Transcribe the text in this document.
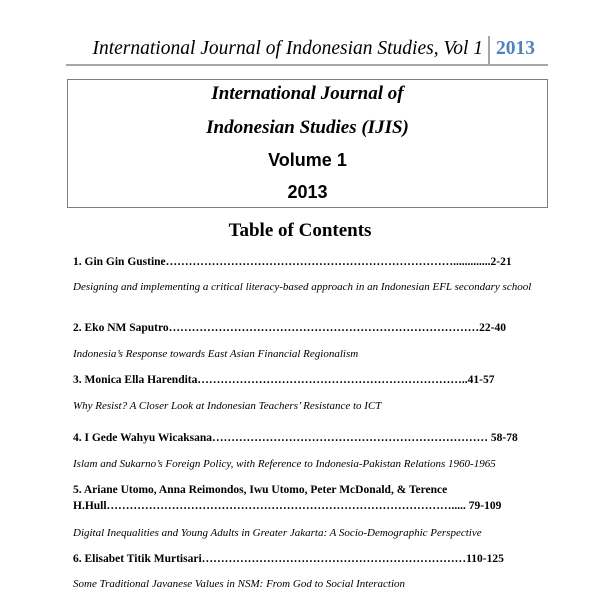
International Journal of Indonesian Studies, Vol 1 2013
International Journal of
Indonesian Studies (IJIS)
Volume 1
2013
Table of Contents
1. Gin Gin Gustine………………………………………………………………….............2-21
Designing and implementing a critical literacy-based approach in an Indonesian EFL secondary school
2. Eko NM Saputro………………………………………………………………………22-40
Indonesia’s Response towards East Asian Financial Regionalism
3. Monica Ella Harendita……………………………………………………………..41-57
Why Resist? A Closer Look at Indonesian Teachers’ Resistance to ICT
4. I Gede Wahyu Wicaksana……………………………………………………………… 58-78
Islam and Sukarno’s Foreign Policy, with Reference to Indonesia-Pakistan Relations 1960-1965
5. Ariane Utomo, Anna Reimondos, Iwu Utomo, Peter McDonald, & Terence H.Hull………………………………………………………………………………..... 79-109
Digital Inequalities and Young Adults in Greater Jakarta: A Socio-Demographic Perspective
6. Elisabet Titik Murtisari……………………………………………………………110-125
Some Traditional Javanese Values in NSM: From God to Social Interaction
